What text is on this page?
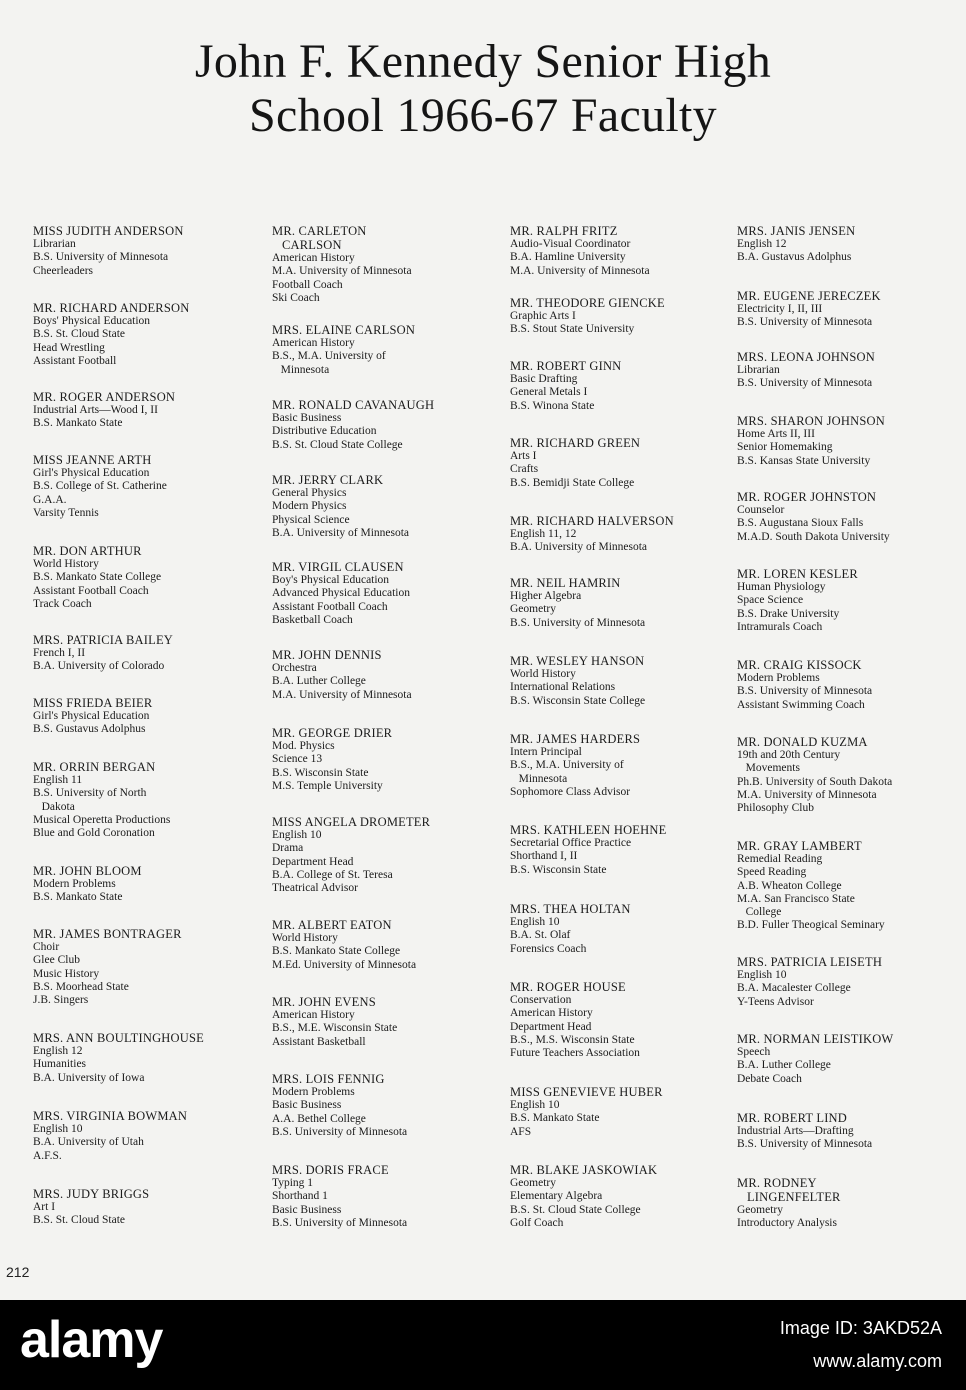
John F. Kennedy Senior High
School 1966-67 Faculty
MISS JUDITH ANDERSON
Librarian
B.S. University of Minnesota
Cheerleaders
MR. RICHARD ANDERSON
Boys' Physical Education
B.S. St. Cloud State
Head Wrestling
Assistant Football
MR. ROGER ANDERSON
Industrial Arts—Wood I, II
B.S. Mankato State
MISS JEANNE ARTH
Girl's Physical Education
B.S. College of St. Catherine
G.A.A.
Varsity Tennis
MR. DON ARTHUR
World History
B.S. Mankato State College
Assistant Football Coach
Track Coach
MRS. PATRICIA BAILEY
French I, II
B.A. University of Colorado
MISS FRIEDA BEIER
Girl's Physical Education
B.S. Gustavus Adolphus
MR. ORRIN BERGAN
English 11
B.S. University of North
Dakota
Musical Operetta Productions
Blue and Gold Coronation
MR. JOHN BLOOM
Modern Problems
B.S. Mankato State
MR. JAMES BONTRAGER
Choir
Glee Club
Music History
B.S. Moorhead State
J.B. Singers
MRS. ANN BOULTINGHOUSE
English 12
Humanities
B.A. University of Iowa
MRS. VIRGINIA BOWMAN
English 10
B.A. University of Utah
A.F.S.
MRS. JUDY BRIGGS
Art I
B.S. St. Cloud State
MR. CARLETON
CARLSON
American History
M.A. University of Minnesota
Football Coach
Ski Coach
MRS. ELAINE CARLSON
American History
B.S., M.A. University of
Minnesota
MR. RONALD CAVANAUGH
Basic Business
Distributive Education
B.S. St. Cloud State College
MR. JERRY CLARK
General Physics
Modern Physics
Physical Science
B.A. University of Minnesota
MR. VIRGIL CLAUSEN
Boy's Physical Education
Advanced Physical Education
Assistant Football Coach
Basketball Coach
MR. JOHN DENNIS
Orchestra
B.A. Luther College
M.A. University of Minnesota
MR. GEORGE DRIER
Mod. Physics
Science 13
B.S. Wisconsin State
M.S. Temple University
MISS ANGELA DROMETER
English 10
Drama
Department Head
B.A. College of St. Teresa
Theatrical Advisor
MR. ALBERT EATON
World History
B.S. Mankato State College
M.Ed. University of Minnesota
MR. JOHN EVENS
American History
B.S., M.E. Wisconsin State
Assistant Basketball
MRS. LOIS FENNIG
Modern Problems
Basic Business
A.A. Bethel College
B.S. University of Minnesota
MRS. DORIS FRACE
Typing 1
Shorthand 1
Basic Business
B.S. University of Minnesota
MR. RALPH FRITZ
Audio-Visual Coordinator
B.A. Hamline University
M.A. University of Minnesota
MR. THEODORE GIENCKE
Graphic Arts I
B.S. Stout State University
MR. ROBERT GINN
Basic Drafting
General Metals I
B.S. Winona State
MR. RICHARD GREEN
Arts I
Crafts
B.S. Bemidji State College
MR. RICHARD HALVERSON
English 11, 12
B.A. University of Minnesota
MR. NEIL HAMRIN
Higher Algebra
Geometry
B.S. University of Minnesota
MR. WESLEY HANSON
World History
International Relations
B.S. Wisconsin State College
MR. JAMES HARDERS
Intern Principal
B.S., M.A. University of
Minnesota
Sophomore Class Advisor
MRS. KATHLEEN HOEHNE
Secretarial Office Practice
Shorthand I, II
B.S. Wisconsin State
MRS. THEA HOLTAN
English 10
B.A. St. Olaf
Forensics Coach
MR. ROGER HOUSE
Conservation
American History
Department Head
B.S., M.S. Wisconsin State
Future Teachers Association
MISS GENEVIEVE HUBER
English 10
B.S. Mankato State
AFS
MR. BLAKE JASKOWIAK
Geometry
Elementary Algebra
B.S. St. Cloud State College
Golf Coach
MRS. JANIS JENSEN
English 12
B.A. Gustavus Adolphus
MR. EUGENE JERECZEK
Electricity I, II, III
B.S. University of Minnesota
MRS. LEONA JOHNSON
Librarian
B.S. University of Minnesota
MRS. SHARON JOHNSON
Home Arts II, III
Senior Homemaking
B.S. Kansas State University
MR. ROGER JOHNSTON
Counselor
B.S. Augustana Sioux Falls
M.A.D. South Dakota University
MR. LOREN KESLER
Human Physiology
Space Science
B.S. Drake University
Intramurals Coach
MR. CRAIG KISSOCK
Modern Problems
B.S. University of Minnesota
Assistant Swimming Coach
MR. DONALD KUZMA
19th and 20th Century
Movements
Ph.B. University of South Dakota
M.A. University of Minnesota
Philosophy Club
MR. GRAY LAMBERT
Remedial Reading
Speed Reading
A.B. Wheaton College
M.A. San Francisco State
College
B.D. Fuller Theogical Seminary
MRS. PATRICIA LEISETH
English 10
B.A. Macalester College
Y-Teens Advisor
MR. NORMAN LEISTIKOW
Speech
B.A. Luther College
Debate Coach
MR. ROBERT LIND
Industrial Arts—Drafting
B.S. University of Minnesota
MR. RODNEY
LINGENFELTER
Geometry
Introductory Analysis
212
alamy	Image ID: 3AKD52A
www.alamy.com
